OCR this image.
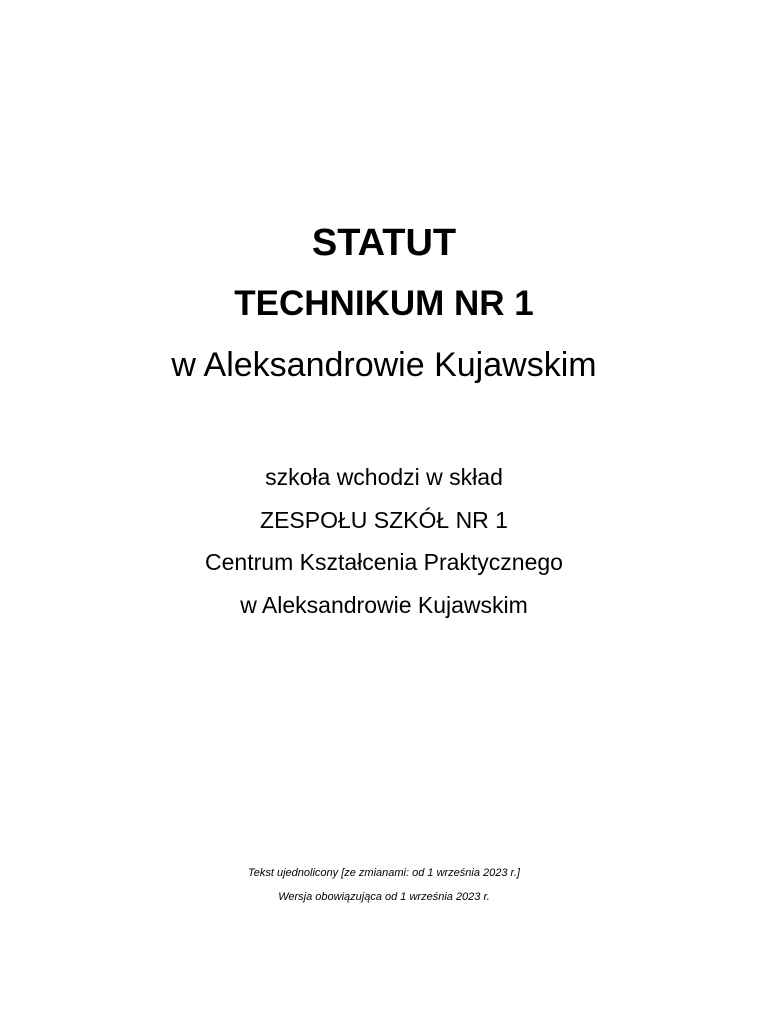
STATUT
TECHNIKUM NR 1
w Aleksandrowie Kujawskim
szkoła wchodzi w skład
ZESPOŁU SZKÓŁ NR 1
Centrum Kształcenia Praktycznego
w Aleksandrowie Kujawskim
Tekst ujednolicony [ze zmianami: od 1 września 2023 r.]
Wersja obowiązująca od 1 września 2023 r.
